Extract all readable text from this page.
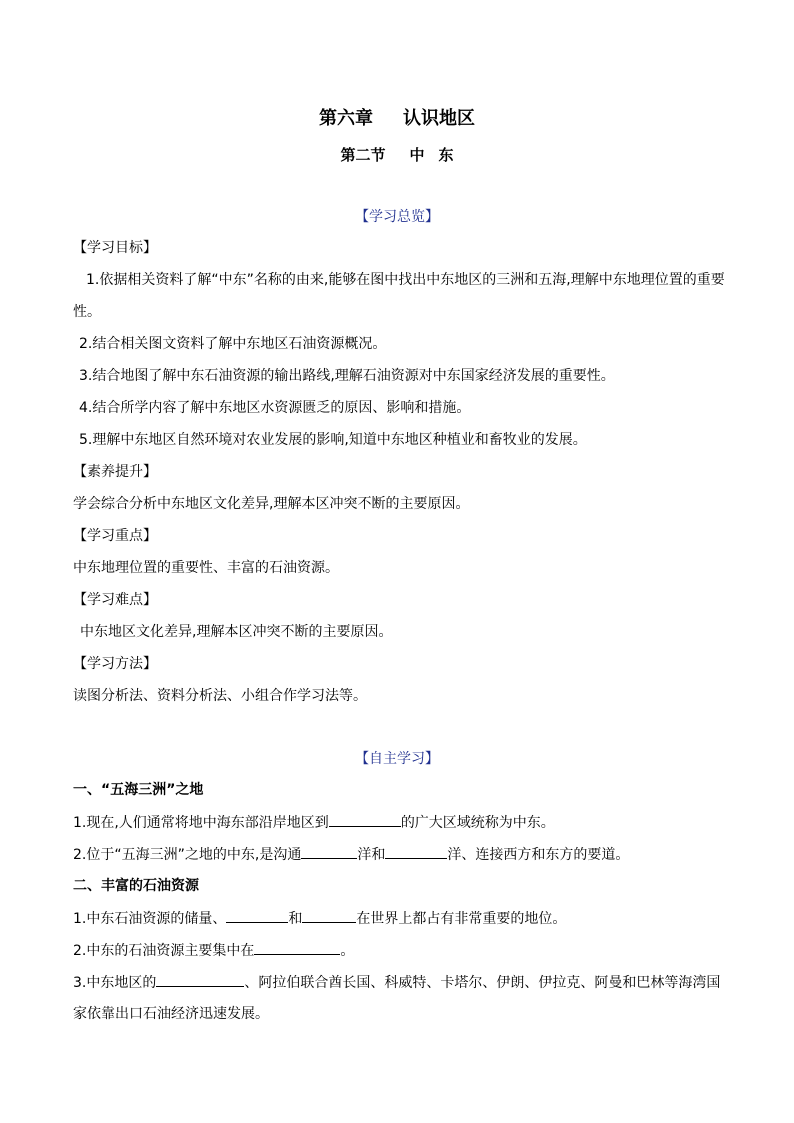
第六章 认识地区
第二节 中 东
【学习总览】
【学习目标】
1.依据相关资料了解“中东”名称的由来,能够在图中找出中东地区的三洲和五海,理解中东地理位置的重要
性。
2.结合相关图文资料了解中东地区石油资源概况。
3.结合地图了解中东石油资源的输出路线,理解石油资源对中东国家经济发展的重要性。
4.结合所学内容了解中东地区水资源匮乏的原因、影响和措施。
5.理解中东地区自然环境对农业发展的影响,知道中东地区种植业和畜牧业的发展。
【素养提升】
学会综合分析中东地区文化差异,理解本区冲突不断的主要原因。
【学习重点】
中东地理位置的重要性、丰富的石油资源。
【学习难点】
中东地区文化差异,理解本区冲突不断的主要原因。
【学习方法】
读图分析法、资料分析法、小组合作学习法等。
【自主学习】
一、“五海三洲”之地
1.现在,人们通常将地中海东部沿岸地区到	的广大区域统称为中东。
2.位于“五海三洲”之地的中东,是沟通	洋和	洋、连接西方和东方的要道。
二、丰富的石油资源
1.中东石油资源的储量、	和	在世界上都占有非常重要的地位。
2.中东的石油资源主要集中在	。
3.中东地区的	、阿拉伯联合酋长国、科威特、卡塔尔、伊朗、伊拉克、阿曼和巴林等海湾国
家依靠出口石油经济迅速发展。
